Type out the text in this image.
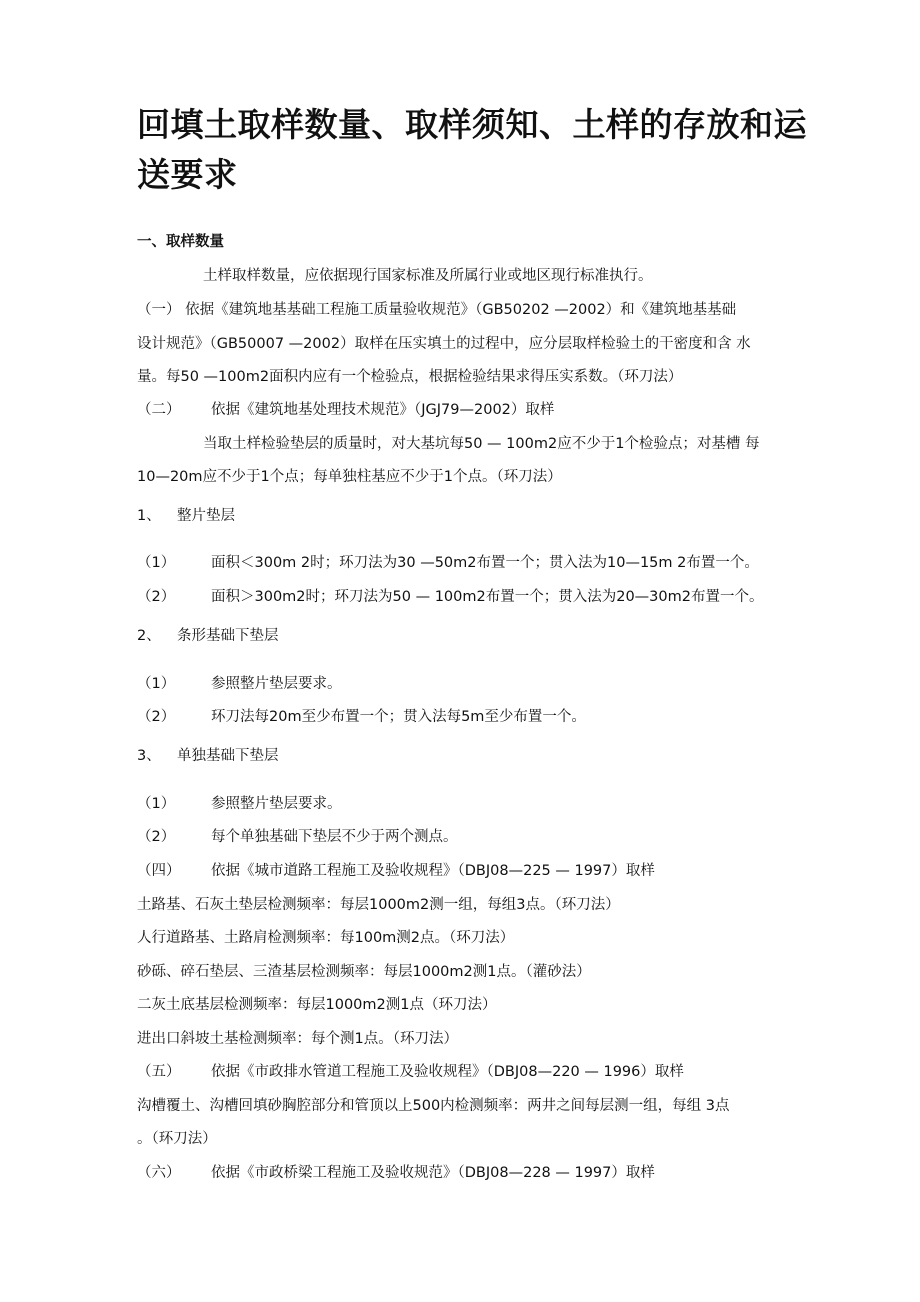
回填土取样数量、取样须知、土样的存放和运
送要求

一、取样数量

土样取样数量，应依据现行国家标准及所属行业或地区现行标准执行。

（一） 依据《建筑地基基础工程施工质量验收规范》（GB50202 —2002）和《建筑地基基础

设计规范》（GB50007 —2002）取样在压实填土的过程中，应分层取样检验土的干密度和含 水

量。每50 —100m2面积内应有一个检验点，根据检验结果求得压实系数。（环刀法）

（二） 依据《建筑地基处理技术规范》（JGJ79—2002）取样

当取土样检验垫层的质量时，对大基坑每50 — 100m2应不少于1个检验点；对基槽 每

10—20m应不少于1个点；每单独柱基应不少于1个点。（环刀法）

1、 整片垫层

（1） 面积＜300m 2时；环刀法为30 —50m2布置一个；贯入法为10—15m 2布置一个。

（2） 面积＞300m2时；环刀法为50 — 100m2布置一个；贯入法为20—30m2布置一个。

2、 条形基础下垫层

（1） 参照整片垫层要求。

（2） 环刀法每20m至少布置一个；贯入法每5m至少布置一个。

3、 单独基础下垫层

（1） 参照整片垫层要求。

（2） 每个单独基础下垫层不少于两个测点。

（四） 依据《城市道路工程施工及验收规程》（DBJ08—225 — 1997）取样

土路基、石灰土垫层检测频率：每层1000m2测一组，每组3点。（环刀法）

人行道路基、土路肩检测频率：每100m测2点。（环刀法）

砂砾、碎石垫层、三渣基层检测频率：每层1000m2测1点。（灌砂法）

二灰土底基层检测频率：每层1000m2测1点（环刀法）

进出口斜坡土基检测频率：每个测1点。（环刀法）

（五） 依据《市政排水管道工程施工及验收规程》（DBJ08—220 — 1996）取样

沟槽覆土、沟槽回填砂胸腔部分和管顶以上500内检测频率：两井之间每层测一组，每组 3点

。（环刀法）

（六） 依据《市政桥梁工程施工及验收规范》（DBJ08—228 — 1997）取样
